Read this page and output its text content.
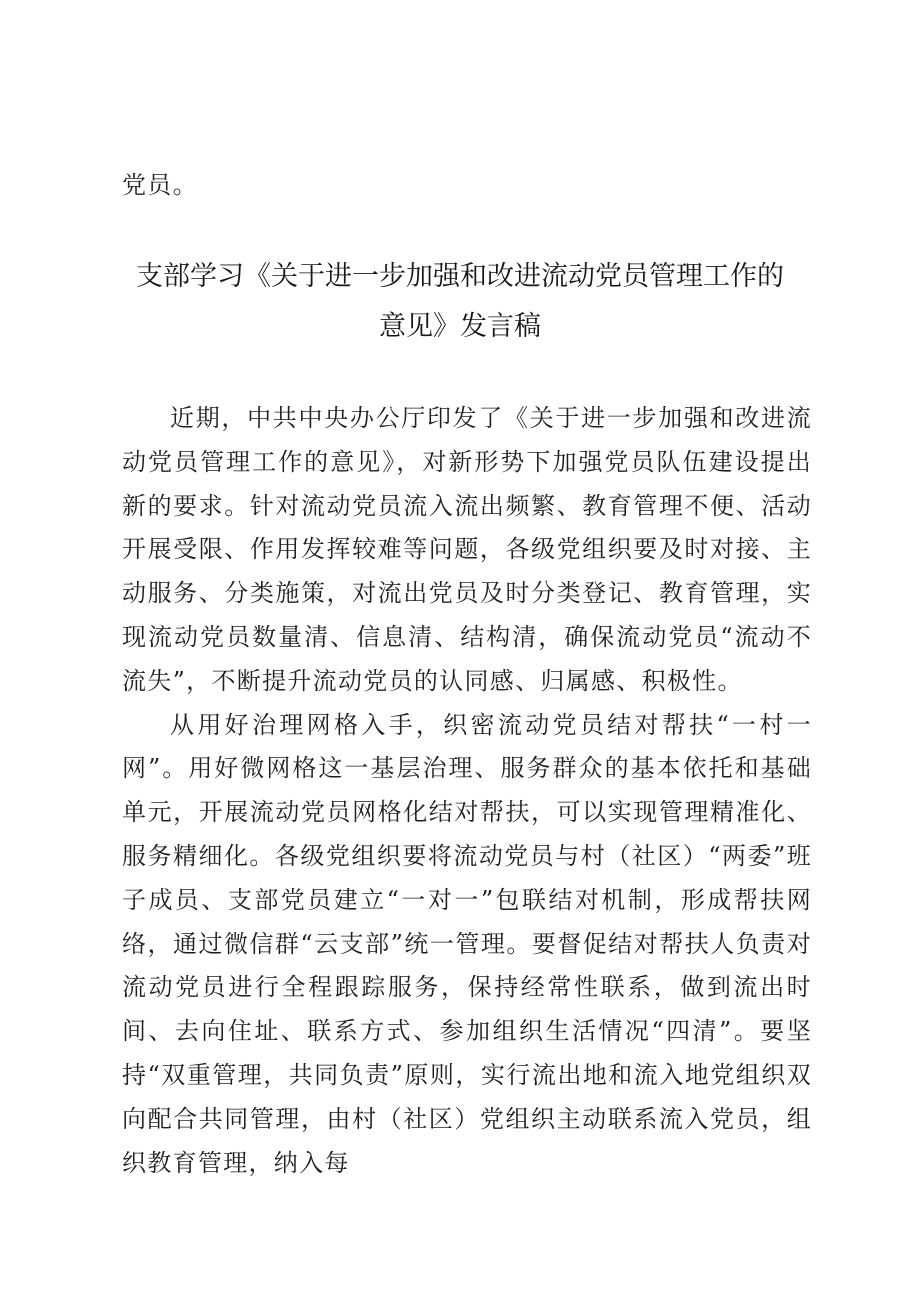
党员。

支部学习《关于进一步加强和改进流动党员管理工作的
意见》发言稿

近期，中共中央办公厅印发了《关于进一步加强和改进流动党员管理工作的意见》，对新形势下加强党员队伍建设提出新的要求。针对流动党员流入流出频繁、教育管理不便、活动开展受限、作用发挥较难等问题，各级党组织要及时对接、主动服务、分类施策，对流出党员及时分类登记、教育管理，实现流动党员数量清、信息清、结构清，确保流动党员“流动不流失”，不断提升流动党员的认同感、归属感、积极性。

从用好治理网格入手，织密流动党员结对帮扶“一村一网”。用好微网格这一基层治理、服务群众的基本依托和基础单元，开展流动党员网格化结对帮扶，可以实现管理精准化、服务精细化。各级党组织要将流动党员与村（社区）“两委”班子成员、支部党员建立“一对一”包联结对机制，形成帮扶网络，通过微信群“云支部”统一管理。要督促结对帮扶人负责对流动党员进行全程跟踪服务，保持经常性联系，做到流出时间、去向住址、联系方式、参加组织生活情况“四清”。要坚持“双重管理，共同负责”原则，实行流出地和流入地党组织双向配合共同管理，由村（社区）党组织主动联系流入党员，组织教育管理，纳入每
